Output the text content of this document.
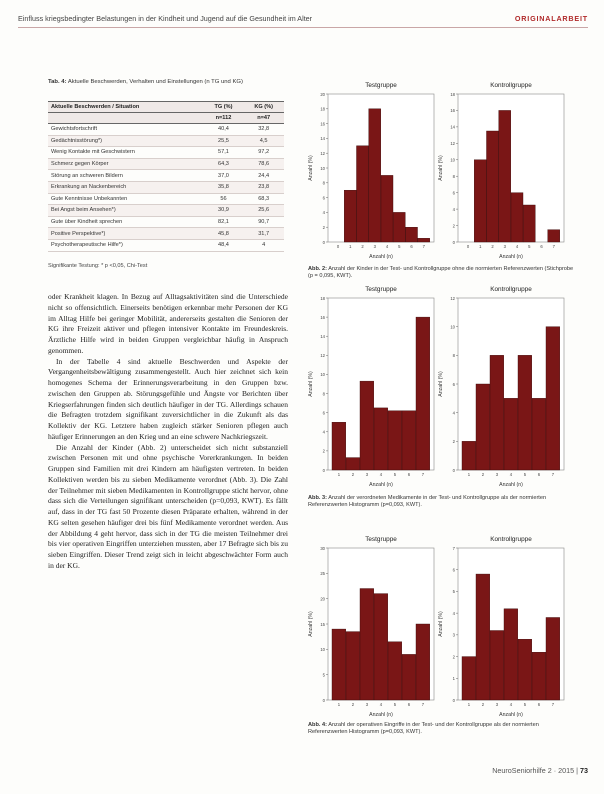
Einfluss kriegsbedingter Belastungen in der Kindheit und Jugend auf die Gesundheit im Alter	ORIGINALARBEIT
Tab. 4: Aktuelle Beschwerden, Verhalten und Einstellungen (n TG und KG)
Aktuelle Beschwerden / Situation	TG (%)	KG (%)
	n=112	n=47
Gewichtsfortschrift	40,4	32,8
Gedächtnisstörung*)	25,5	4,5
Wenig Kontakte mit Geschwistern	57,1	97,2
Schmerz gegen Körper	64,3	78,6
Störung an schweren Bildern	37,0	24,4
Erkrankung an Nackenbereich	35,8	23,8
Gute Kenntnisse Unbekannten	56	68,3
Bei Angst beim Ansehen*)	30,9	25,6
Gute über Kindheit sprechen	82,1	90,7
Positive Perspektive*)	45,8	31,7
Psychotherapeutische Hilfe*)	48,4	4
Signifikante Testung: * p <0,05, Chi-Test

oder Krankheit klagen. In Bezug auf Alltagsaktivitäten sind die Unterschiede nicht so offensichtlich. Einerseits benötigen erkennbar mehr Personen der KG im Alltag Hilfe bei geringer Mobilität, andererseits gestalten die Senioren der KG ihre Freizeit aktiver und pflegen intensiver Kontakte im Freundeskreis. Ärztliche Hilfe wird in beiden Gruppen vergleichbar häufig in Anspruch genommen.

In der Tabelle 4 sind aktuelle Beschwerden und Aspekte der Vergangenheitsbewältigung zusammengestellt. Auch hier zeichnet sich kein homogenes Schema der Erinnerungsverarbeitung in den Gruppen bzw. zwischen den Gruppen ab. Störungsgefühle und Ängste vor Berichten über Kriegserfahrungen finden sich deutlich häufiger in der TG. Allerdings schauen die Befragten trotzdem signifikant zuversichtlicher in die Zukunft als das Kollektiv der KG. Letztere haben zugleich stärker Senioren pflegen auch häufiger Erinnerungen an den Krieg und an eine schwere Nachkriegszeit.

Die Anzahl der Kinder (Abb. 2) unterscheidet sich nicht substanziell zwischen Personen mit und ohne psychische Vorerkrankungen. In beiden Gruppen sind Familien mit drei Kindern am häufigsten vertreten. In beiden Kollektiven werden bis zu sieben Medikamente verordnet (Abb. 3). Die Zahl der Teilnehmer mit sieben Medikamenten in Kontrollgruppe sticht hervor, ohne dass sich die Verteilungen signifikant unterscheiden (p=0,093, KWT). Es fällt auf, dass in der TG fast 50 Prozente diesen Präparate erhalten, während in der KG selten gesehen häufiger drei bis fünf Medikamente verordnet werden. Aus der Abbildung 4 geht hervor, dass sich in der TG die meisten Teilnehmer drei bis vier operativen Eingriffen unterziehen mussten, aber 17 Befragte sich bis zu sieben Eingriffen. Dieser Trend zeigt sich in leicht abgeschwächter Form auch in der KG.

Testgruppe
0
2
4
6
8
10
12
14
16
18
20
0 1 2 3 4 5 6 7
Anzahl (n)
Anzahl (%)
Kontrollgruppe
0
2
4
6
8
10
12
14
16
18
0 1 2 3 4 5 6 7
Anzahl (n)
Anzahl (%)
Abb. 2: Anzahl der Kinder in der Test- und Kontrollgruppe ohne die normierten Referenzwerten (Stichprobe (p = 0,095, KWT).
Testgruppe
0
2
4
6
8
10
12
14
16
18
1	2	3	4	5	6	7
Anzahl (n)
Anzahl (%)
Kontrollgruppe
0
2
4
6
8
10
12
1	2	3	4	5	6	7
Anzahl (n)
Anzahl (%)
Abb. 3: Anzahl der verordneten Medikamente in der Test- und Kontrollgruppe als der normierten Referenzwerten Histogramm (p=0,093, KWT).
Testgruppe
0
5
10
15
20
25
30
1	2	3	4	5	6	7
Anzahl (n)
Anzahl (%)
Kontrollgruppe
0
1
2
3
4
5
6
7
1	2	3	4	5	6	7
Anzahl (n)
Anzahl (%)
Abb. 4: Anzahl der operativen Eingriffe in der Test- und der Kontrollgruppe als der normierten Referenzwerten Histogramm (p=0,093, KWT).
NeuroSeniorhilfe 2 · 2015 | 73
